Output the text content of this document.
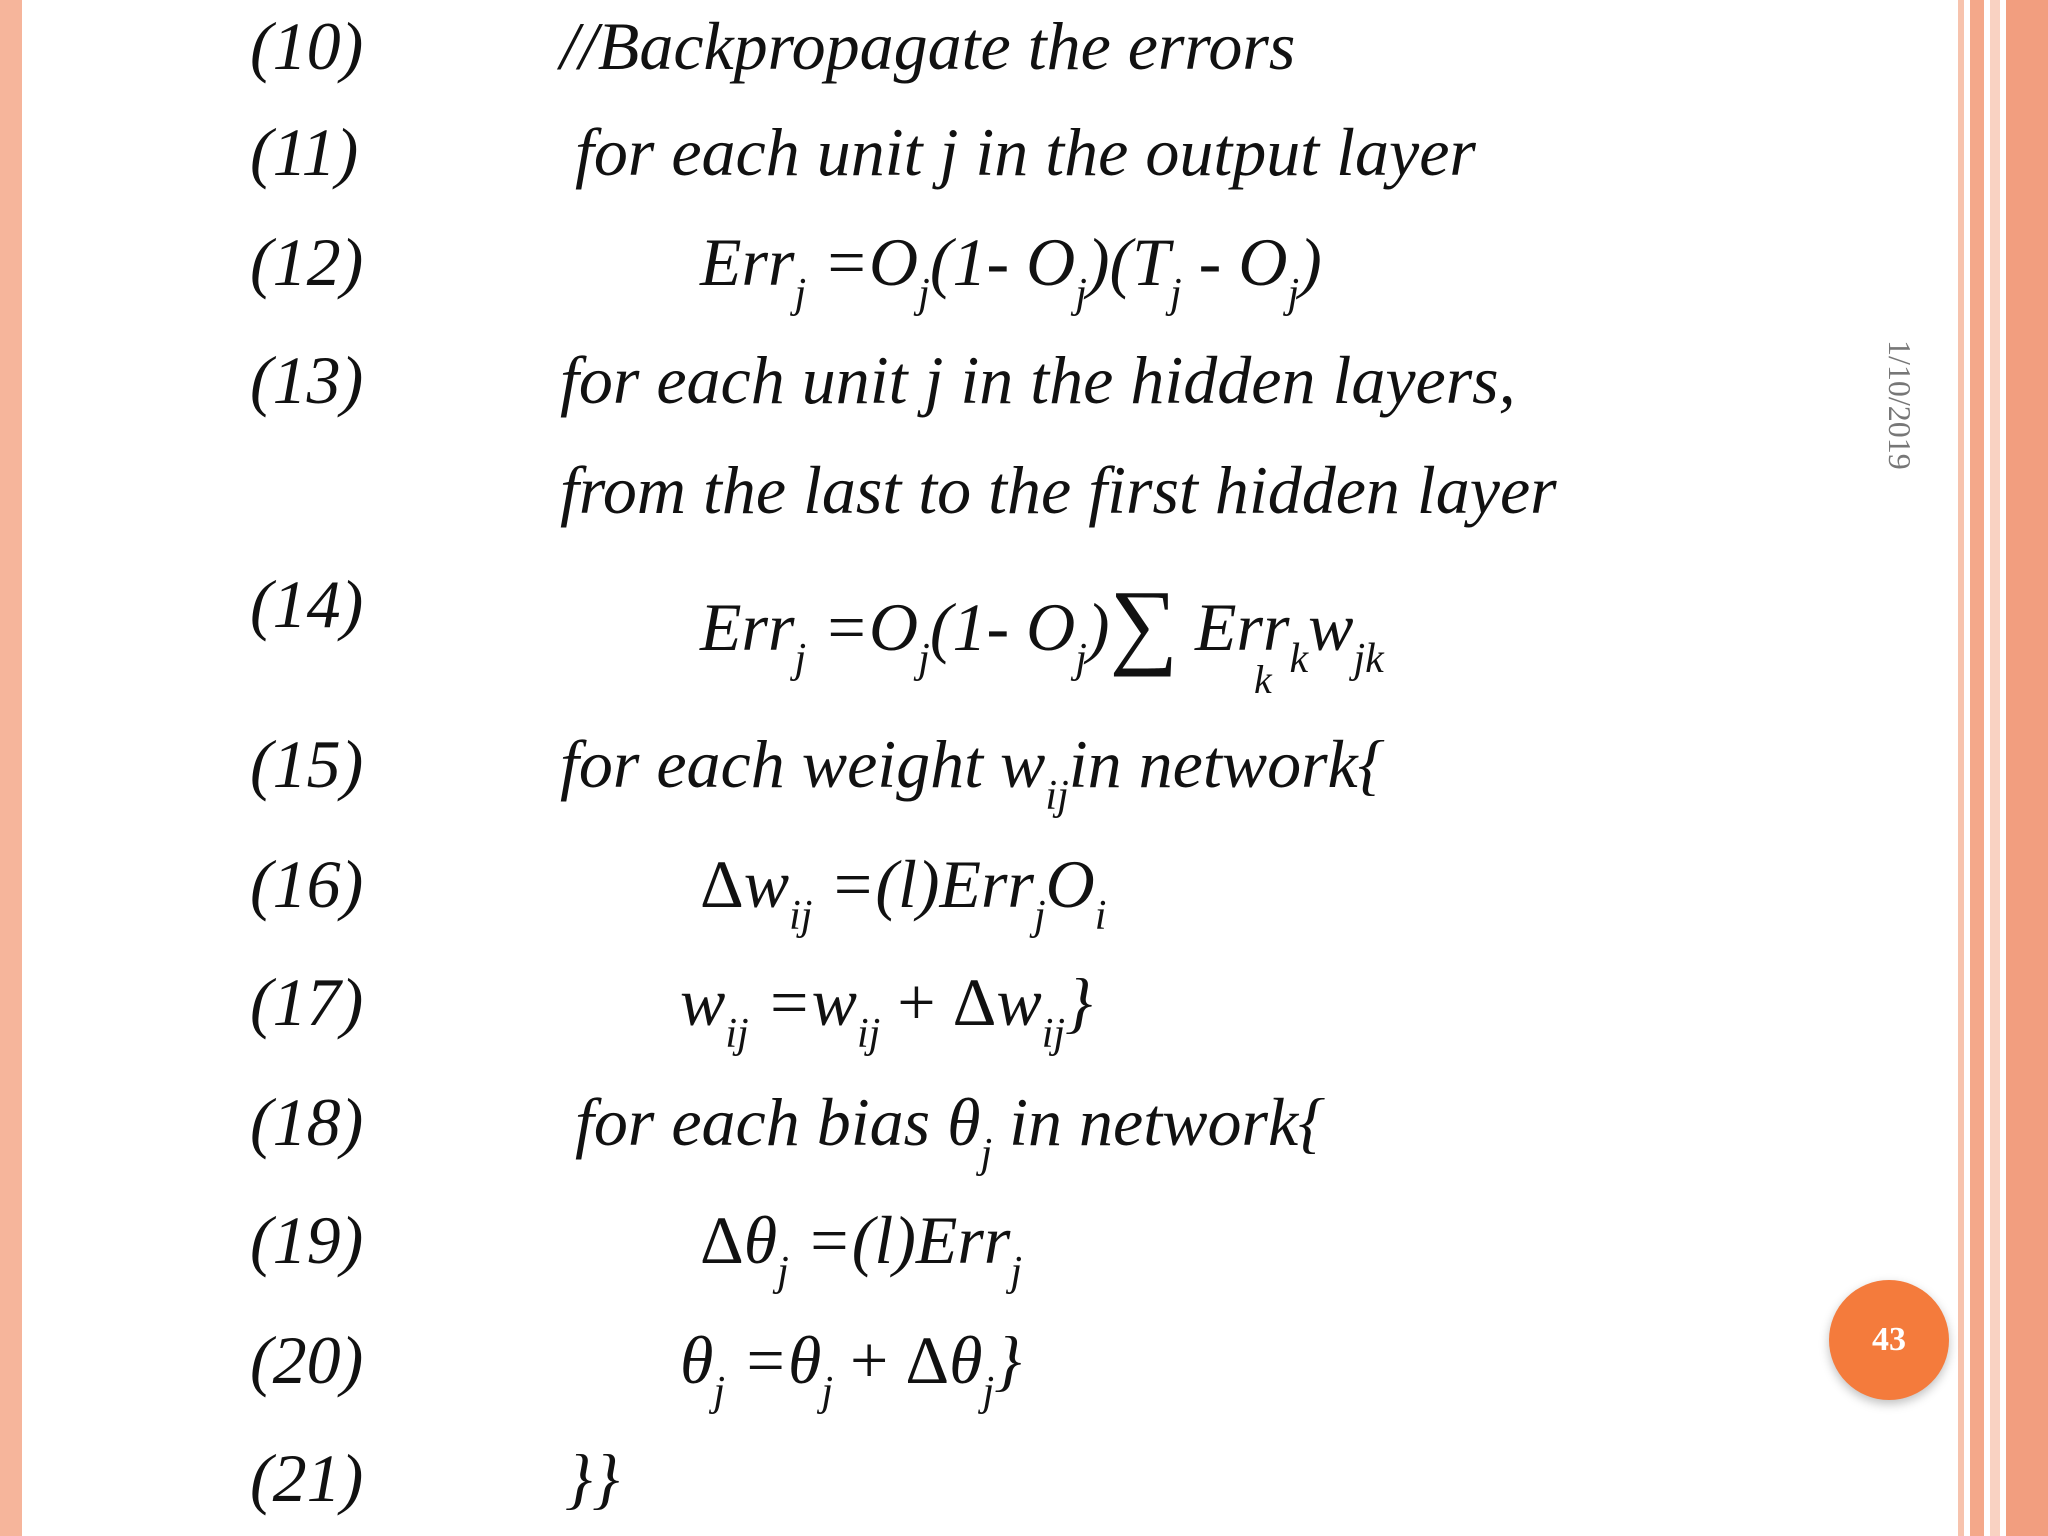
1/10/2019
43
(10)	//Backpropagate the errors
(11)	for each unit j in the output layer
(12)	$Err_j =O_j(1-$ $O_j)(T_j - O_j)$
(13)	for each unit j in the hidden layers,
from the last to the first hidden layer
(14)	$Err_j =O_j(1-$ $O_j)\sum$ $Err_kw_{jk}$
k
(15)	for each weight $w_{ij}in$ network{
(16)	$\Delta w_{ij} =(l)Err_jO_i$
(17)	$w_{ij} =w_{ij} + \Delta w_{ij}$}
(18)	for each bias $\theta_j$ in network{
(19)	$\Delta\theta_j =(l)Err_j$
(20)	$\theta_j =\theta_j + \Delta\theta_j$}
(21)	}}
